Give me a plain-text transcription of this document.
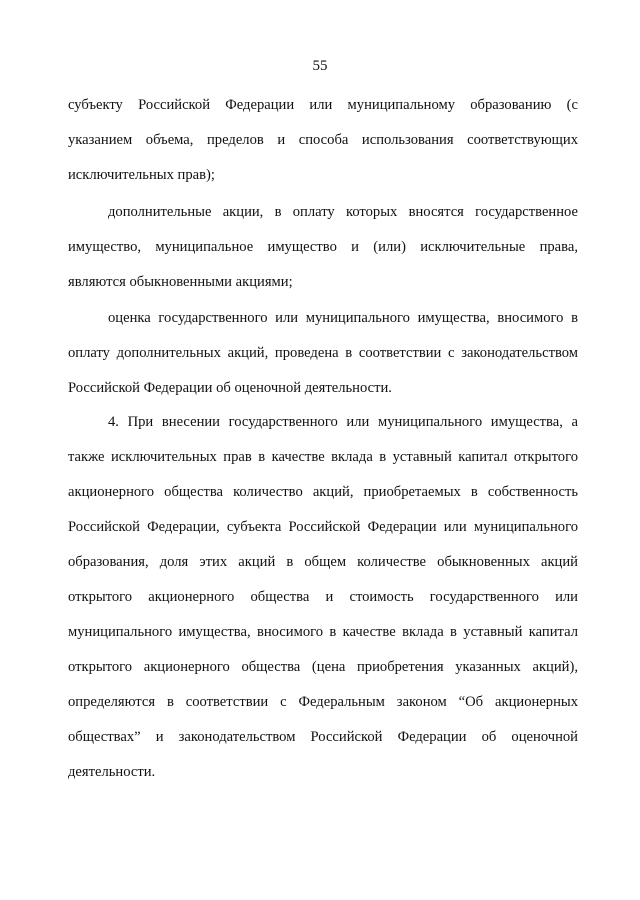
55
субъекту Российской Федерации или муниципальному образованию (с
указанием объема, пределов и способа использования соответствующих
исключительных прав);
дополнительные акции, в оплату которых вносятся государственное
имущество, муниципальное имущество и (или) исключительные права,
являются обыкновенными акциями;
оценка государственного или муниципального имущества, вносимого в
оплату дополнительных акций, проведена в соответствии с законодательством
Российской Федерации об оценочной деятельности.
4. При внесении государственного или муниципального имущества, а
также исключительных прав в качестве вклада в уставный капитал открытого
акционерного общества количество акций, приобретаемых в собственность
Российской Федерации, субъекта Российской Федерации или муниципального
образования, доля этих акций в общем количестве обыкновенных акций
открытого акционерного общества и стоимость государственного или
муниципального имущества, вносимого в качестве вклада в уставный капитал
открытого акционерного общества (цена приобретения указанных акций),
определяются в соответствии с Федеральным законом “Об акционерных
обществах” и законодательством Российской Федерации об оценочной
деятельности.
